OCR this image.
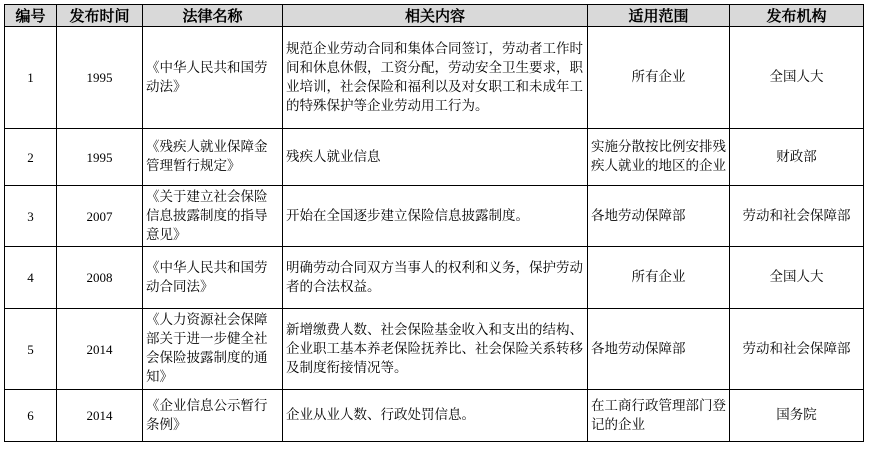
编号	发布时间	法律名称	相关内容	适用范围	发布机构
1	1995	《中华人民共和国劳动法》	规范企业劳动合同和集体合同签订，劳动者工作时间和休息休假，工资分配，劳动安全卫生要求，职业培训，社会保险和福利以及对女职工和未成年工的特殊保护等企业劳动用工行为。	所有企业	全国人大
2	1995	《残疾人就业保障金管理暂行规定》	残疾人就业信息	实施分散按比例安排残疾人就业的地区的企业	财政部
3	2007	《关于建立社会保险信息披露制度的指导意见》	开始在全国逐步建立保险信息披露制度。	各地劳动保障部	劳动和社会保障部
4	2008	《中华人民共和国劳动合同法》	明确劳动合同双方当事人的权利和义务，保护劳动者的合法权益。	所有企业	全国人大
5	2014	《人力资源社会保障部关于进一步健全社会保险披露制度的通知》	新增缴费人数、社会保险基金收入和支出的结构、企业职工基本养老保险抚养比、社会保险关系转移及制度衔接情况等。	各地劳动保障部	劳动和社会保障部
6	2014	《企业信息公示暂行条例》	企业从业人数、行政处罚信息。	在工商行政管理部门登记的企业	国务院
